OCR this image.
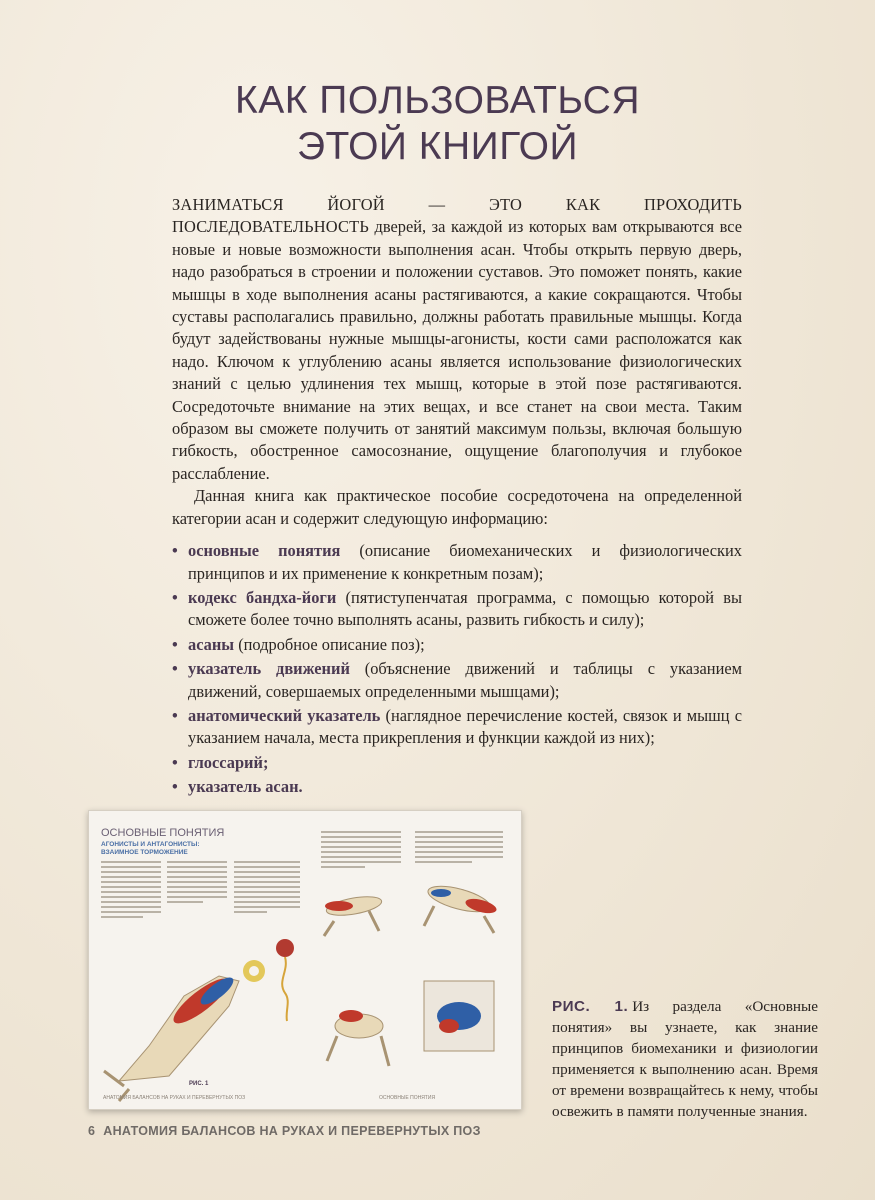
КАК ПОЛЬЗОВАТЬСЯ
ЭТОЙ КНИГОЙ

ЗАНИМАТЬСЯ ЙОГОЙ — ЭТО КАК ПРОХОДИТЬ ПОСЛЕДОВАТЕЛЬНОСТЬ дверей, за каждой из которых вам открываются все новые и новые возможности выполнения асан. Чтобы открыть первую дверь, надо разобраться в строении и положении суставов. Это поможет понять, какие мышцы в ходе выполнения асаны растягиваются, а какие сокращаются. Чтобы суставы располагались правильно, должны работать правильные мышцы. Когда будут задействованы нужные мышцы-агонисты, кости сами расположатся как надо. Ключом к углублению асаны является использование физиологических знаний с целью удлинения тех мышц, которые в этой позе растягиваются. Сосредоточьте внимание на этих вещах, и все станет на свои места. Таким образом вы сможете получить от занятий максимум пользы, включая большую гибкость, обостренное самосознание, ощущение благополучия и глубокое расслабление.

Данная книга как практическое пособие сосредоточена на определенной категории асан и содержит следующую информацию:

• основные понятия (описание биомеханических и физиологических принципов и их применение к конкретным позам);
• кодекс бандха-йоги (пятиступенчатая программа, с помощью которой вы сможете более точно выполнять асаны, развить гибкость и силу);
• асаны (подробное описание поз);
• указатель движений (объяснение движений и таблицы с указанием движений, совершаемых определенными мышцами);
• анатомический указатель (наглядное перечисление костей, связок и мышц с указанием начала, места прикрепления и функции каждой из них);
• глоссарий;
• указатель асан.
ОСНОВНЫЕ ПОНЯТИЯ
АГОНИСТЫ И АНТАГОНИСТЫ: ВЗАИМНОЕ ТОРМОЖЕНИЕ
РИС. 1
АНАТОМИЯ БАЛАНСОВ НА РУКАХ И ПЕРЕВЕРНУТЫХ ПОЗ	ОСНОВНЫЕ ПОНЯТИЯ
РИС. 1. Из раздела «Основные понятия» вы узнаете, как знание принципов биомеханики и физиологии применяется к выполнению асан. Время от времени возвращайтесь к нему, чтобы освежить в памяти полученные знания.
6 АНАТОМИЯ БАЛАНСОВ НА РУКАХ И ПЕРЕВЕРНУТЫХ ПОЗ
